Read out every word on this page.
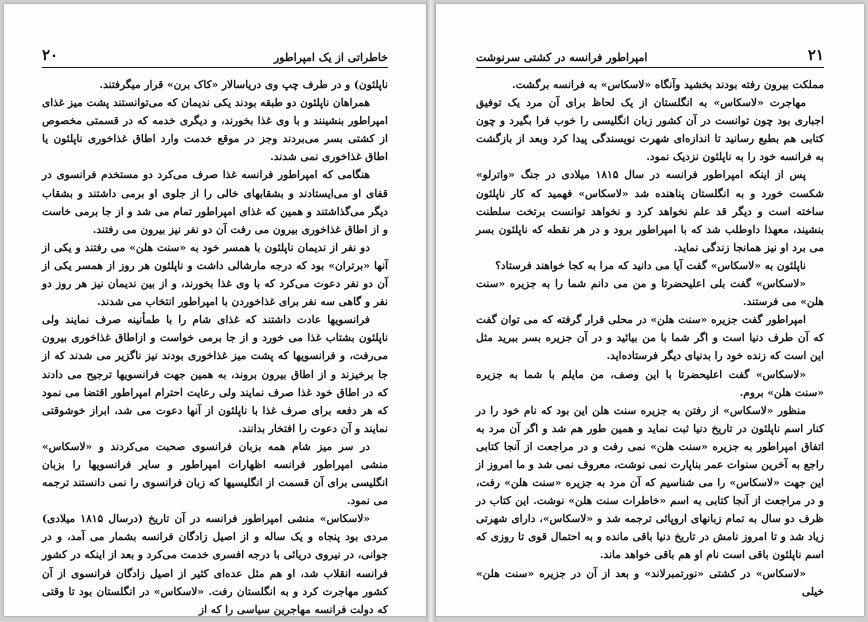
۲۰	خاطراتی از یک امپراطور

ناپلئون) و در طرف چپ وی دریاسالار «کاک برن» قرار میگرفتند.

همراهان ناپلئون دو طبقه بودند یکی ندیمان که می‌توانستند پشت میز غذای امپراطور بنشینند و با وی غذا بخورند، و دیگری خدمه که در قسمتی مخصوص از کشتی بسر می‌بردند وجز در موقع خدمت وارد اطاق غذاخوری ناپلئون یا اطاق غذاخوری نمی شدند.

هنگامی که امپراطور فرانسه غذا صرف می‌کرد دو مستخدم فرانسوی در قفای او می‌ایستادند و بشقابهای خالی را از جلوی او برمی داشتند و بشقاب دیگر می‌گذاشتند و همین که غذای امپراطور تمام می شد و از جا برمی خاست و از اطاق غذاخوری بیرون می رفت آن دو نفر نیز بیرون می رفتند.

دو نفر از ندیمان ناپلئون با همسر خود به «سنت هلن» می رفتند و یکی از آنها «برتران» بود که درجه مارشالی داشت و ناپلئون هر روز از همسر یکی از آن دو نفر دعوت می‌کرد که با وی غذا بخورند، و از بین ندیمان نیز هر روز دو نفر و گاهی سه نفر برای غذاخوردن با امپراطور انتخاب می شدند.

فرانسویها عادت داشتند که غذای شام را با طمأنینه صرف نمایند ولی ناپلئون بشتاب غذا می خورد و از جا برمی خواست و ازاطاق غذاخوری بیرون می‌رفت، و فرانسویها که پشت میز غذاخوری بودند نیز ناگزیر می شدند که از جا برخیزند و از اطاق بیرون بروند، به همین جهت فرانسویها ترجیح می دادند که در اطاق خود غذا صرف نمایند ولی رعایت احترام امپراطور اقتضا می نمود که هر دفعه برای صرف غذا با ناپلئون از آنها دعوت می شد، ابراز خوشوقتی نمایند و آن دعوت را افتخار بدانند.

در سر میز شام همه بزبان فرانسوی صحبت می‌کردند و «لاسکاس» منشی امپراطور فرانسه اظهارات امپراطور و سایر فرانسویها را بزبان انگلیسی برای آن قسمت از انگلیسیها که زبان فرانسوی را نمی دانستند ترجمه می نمود.

«لاسکاس» منشی امپراطور فرانسه در آن تاریخ (درسال ۱۸۱۵ میلادی) مردی بود پنجاه و یک ساله و از اصیل زادگان فرانسه بشمار می آمد، و در جوانی، در نیروی دریائی با درجه افسری خدمت می‌کرد و بعد از اینکه در کشور فرانسه انقلاب شد، او هم مثل عده‌ای کثیر از اصیل زادگان فرانسوی از آن کشور مهاجرت کرد و به انگلستان رفت. «لاسکاس» در انگلستان بود تا وقتی که دولت فرانسه مهاجرین سیاسی را که از

امپراطور فرانسه در کشتی سرنوشت	۲۱

مملکت بیرون رفته بودند بخشید وآنگاه «لاسکاس» به فرانسه برگشت.

مهاجرت «لاسکاس» به انگلستان از یک لحاظ برای آن مرد یک توفیق اجباری بود چون توانست در آن کشور زبان انگلیسی را خوب فرا بگیرد و چون کتابی هم بطبع رسانید تا اندازه‌ای شهرت نویسندگی پیدا کرد وبعد از بازگشت به فرانسه خود را به ناپلئون نزدیک نمود.

پس از اینکه امپراطور فرانسه در سال ۱۸۱۵ میلادی در جنگ «واترلو» شکست خورد و به انگلستان پناهنده شد «لاسکاس» فهمید که کار ناپلئون ساخته است و دیگر قد علم نخواهد کرد و نخواهد توانست برتخت سلطنت بنشیند، معهذا داوطلب شد که با امپراطور برود و در هر نقطه که ناپلئون بسر می برد او نیز همانجا زندگی نماید.

ناپلئون به «لاسکاس» گفت آیا می دانید که مرا به کجا خواهند فرستاد؟

«لاسکاس» گفت بلی اعلیحضرتا و من می دانم شما را به جزیره «سنت هلن» می فرستند.

امپراطور گفت جزیره «سنت هلن» در محلی قرار گرفته که می توان گفت که آن طرف دنیا است و اگر شما با من بیائید و در آن جزیره بسر ببرید مثل این است که زنده خود را بدنیای دیگر فرستاده‌اید.

«لاسکاس» گفت اعلیحضرتا با این وصف، من مایلم با شما به جزیره «سنت هلن» بروم.

منظور «لاسکاس» از رفتن به جزیره سنت هلن این بود که نام خود را در کنار اسم ناپلئون در تاریخ دنیا ثبت نماید و همین طور هم شد و اگر آن مرد به اتفاق امپراطور به جزیره «سنت هلن» نمی رفت و در مراجعت از آنجا کتابی راجع به آخرین سنوات عمر بناپارت نمی نوشت، معروف نمی شد و ما امروز از این جهت «لاسکاس» را می شناسیم که آن مرد به جزیره «سنت هلن» رفت، و در مراجعت از آنجا کتابی به اسم «خاطرات سنت هلن» نوشت. این کتاب در ظرف دو سال به تمام زبانهای اروپائی ترجمه شد و «لاسکاس»، دارای شهرتی زیاد شد و تا امروز نامش در تاریخ دنیا باقی مانده و به احتمال قوی تا روزی که اسم ناپلئون باقی است نام او هم باقی خواهد ماند.

«لاسکاس» در کشتی «نورتمبرلاند» و بعد از آن در جزیره «سنت هلن» خیلی
